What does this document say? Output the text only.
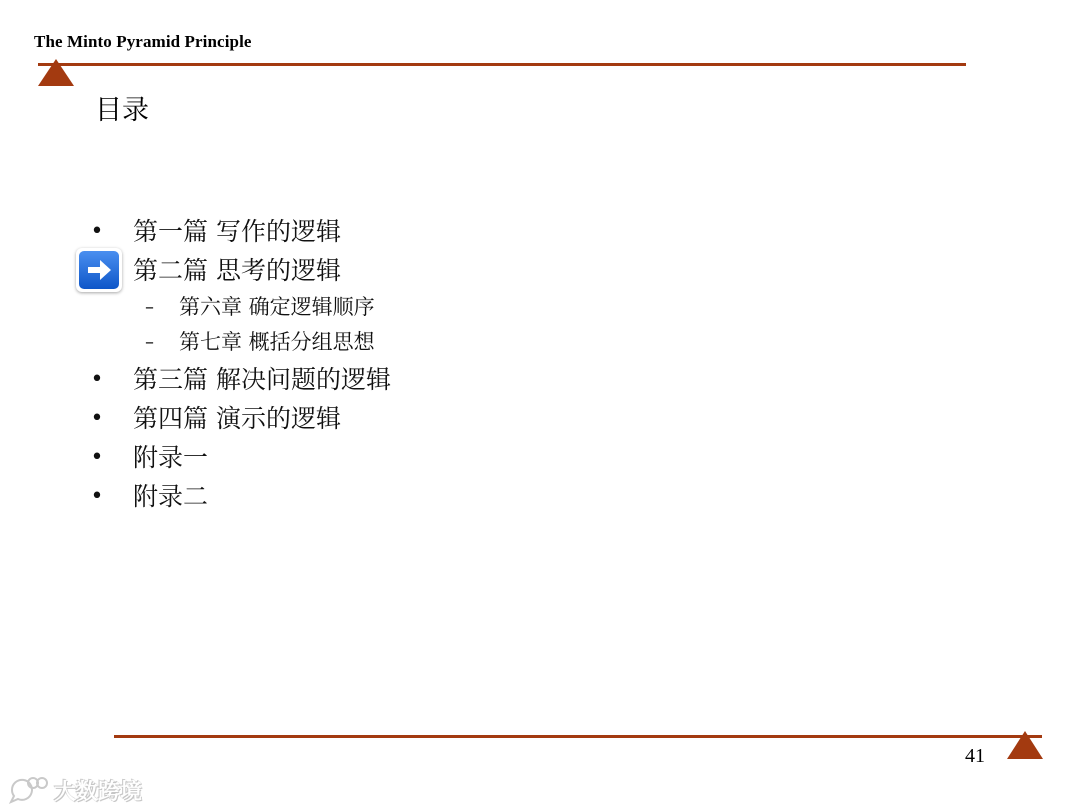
The Minto Pyramid Principle
目录
• 第一篇 写作的逻辑
第二篇 思考的逻辑
– 第六章 确定逻辑顺序
– 第七章 概括分组思想
• 第三篇 解决问题的逻辑
• 第四篇 演示的逻辑
• 附录一
• 附录二
41
大数跨境
